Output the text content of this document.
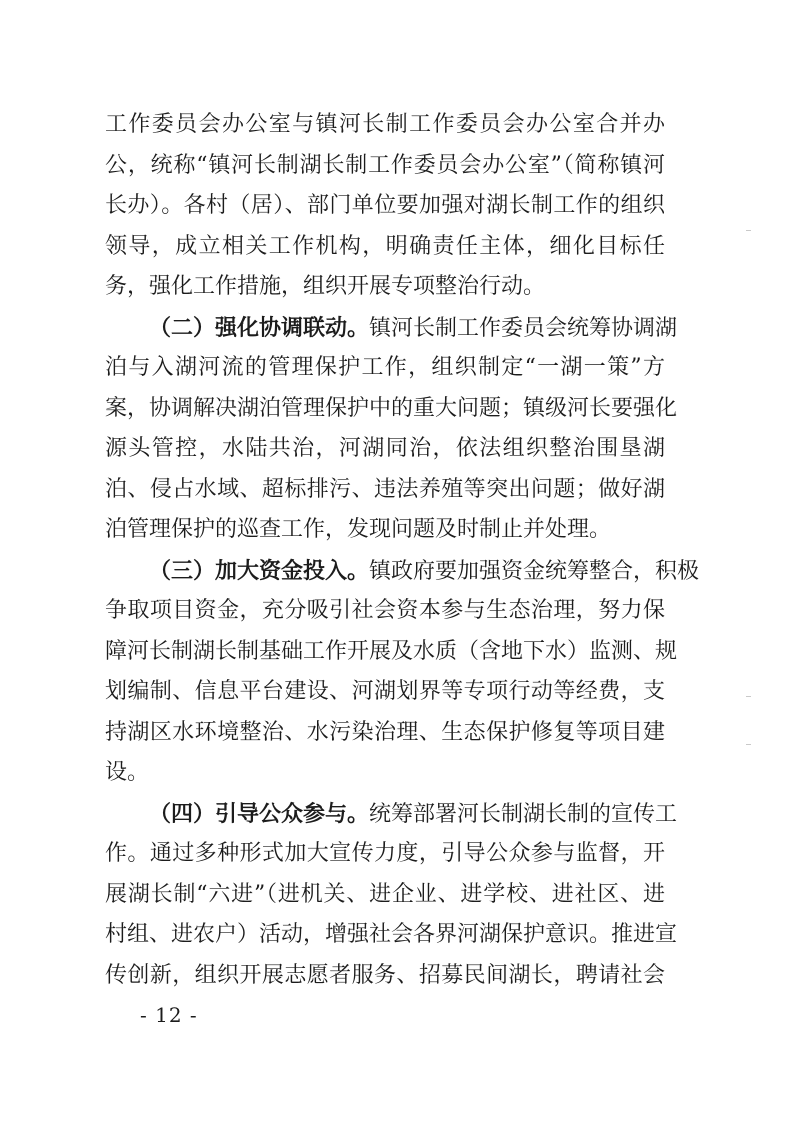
工作委员会办公室与镇河长制工作委员会办公室合并办
公，统称“镇河长制湖长制工作委员会办公室”（简称镇河
长办）。各村（居）、部门单位要加强对湖长制工作的组织
领导，成立相关工作机构，明确责任主体，细化目标任
务，强化工作措施，组织开展专项整治行动。
（二）强化协调联动。镇河长制工作委员会统筹协调湖
泊与入湖河流的管理保护工作，组织制定“一湖一策”方
案，协调解决湖泊管理保护中的重大问题；镇级河长要强化
源头管控，水陆共治，河湖同治，依法组织整治围垦湖
泊、侵占水域、超标排污、违法养殖等突出问题；做好湖
泊管理保护的巡查工作，发现问题及时制止并处理。
（三）加大资金投入。镇政府要加强资金统筹整合，积极
争取项目资金，充分吸引社会资本参与生态治理，努力保
障河长制湖长制基础工作开展及水质（含地下水）监测、规
划编制、信息平台建设、河湖划界等专项行动等经费，支
持湖区水环境整治、水污染治理、生态保护修复等项目建
设。
（四）引导公众参与。统筹部署河长制湖长制的宣传工
作。通过多种形式加大宣传力度，引导公众参与监督，开
展湖长制“六进”（进机关、进企业、进学校、进社区、进
村组、进农户）活动，增强社会各界河湖保护意识。推进宣
传创新，组织开展志愿者服务、招募民间湖长，聘请社会
- 12 -
